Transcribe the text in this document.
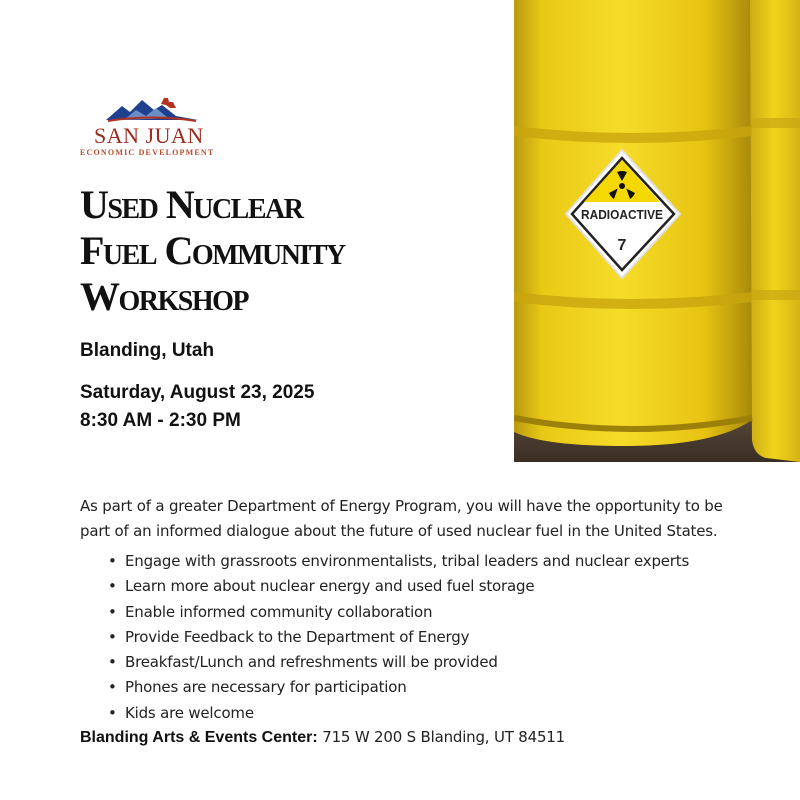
SAN JUAN
ECONOMIC DEVELOPMENT
Used Nuclear
Fuel Community
Workshop
Blanding, Utah
Saturday, August 23, 2025
8:30 AM - 2:30 PM
RADIOACTIVE
7

As part of a greater Department of Energy Program, you will have the opportunity to be part of an informed dialogue about the future of used nuclear fuel in the United States.

• Engage with grassroots environmentalists, tribal leaders and nuclear experts
• Learn more about nuclear energy and used fuel storage
• Enable informed community collaboration
• Provide Feedback to the Department of Energy
• Breakfast/Lunch and refreshments will be provided
• Phones are necessary for participation
• Kids are welcome
Blanding Arts & Events Center: 715 W 200 S Blanding, UT 84511
